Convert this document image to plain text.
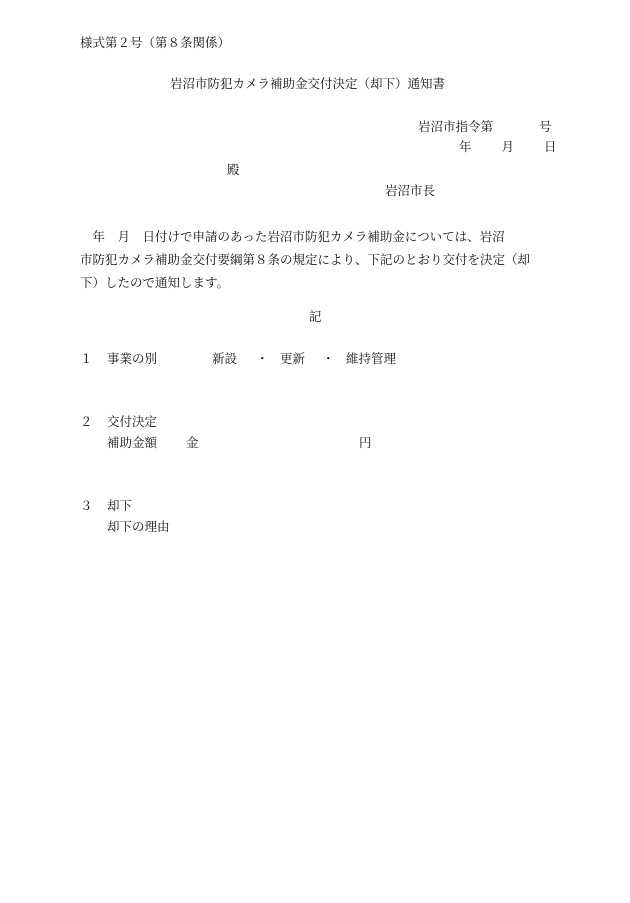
様式第２号（第８条関係）
岩沼市防犯カメラ補助金交付決定（却下）通知書
岩沼市指令第	号
年 月 日
殿
岩沼市長
　年　月　日付けで申請のあった岩沼市防犯カメラ補助金については、岩沼
市防犯カメラ補助金交付要綱第８条の規定により、下記のとおり交付を決定（却
下）したので通知します。
記
１ 事業の別	新設 ・ 更新 ・ 維持管理
２ 交付決定
補助金額 金	円
３ 却下
却下の理由
